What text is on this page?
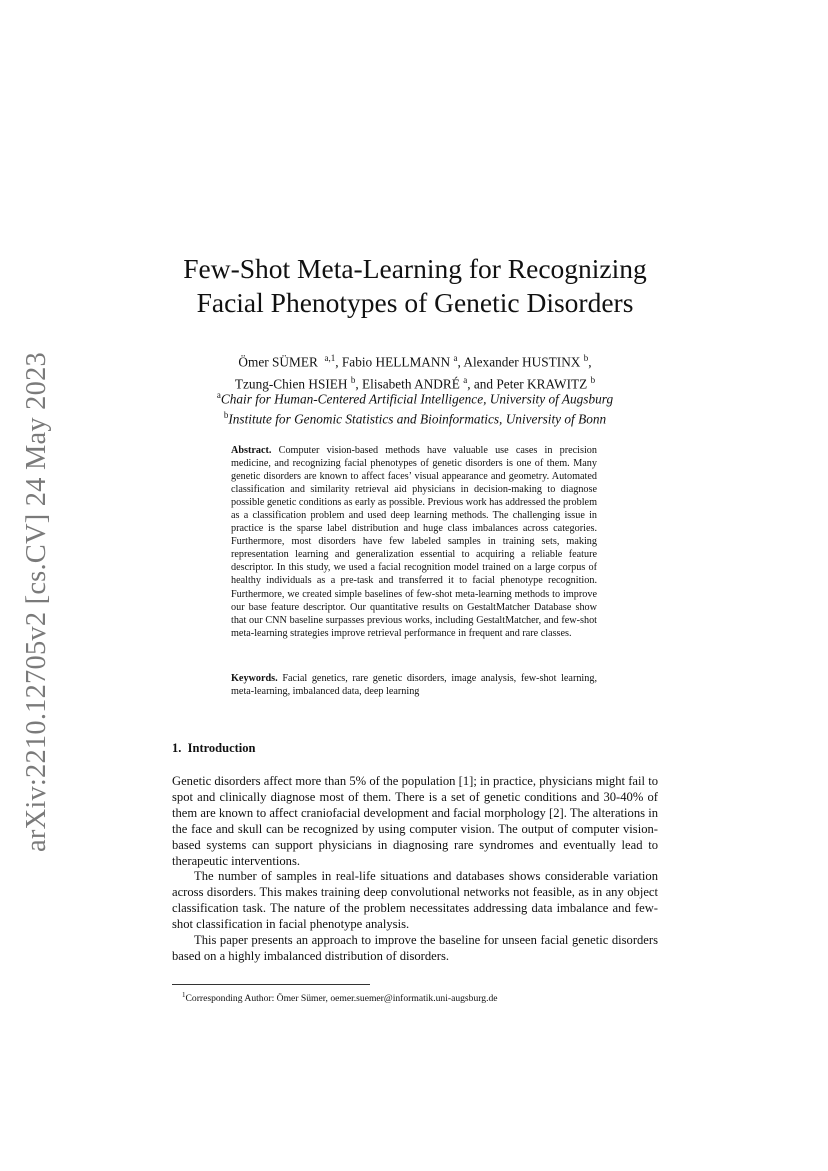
arXiv:2210.12705v2 [cs.CV] 24 May 2023
Few-Shot Meta-Learning for Recognizing
Facial Phenotypes of Genetic Disorders
Ömer SÜMER $^{a,1}$, Fabio HELLMANN $^a$, Alexander HUSTINX $^b$,
Tzung-Chien HSIEH $^b$, Elisabeth ANDRÉ $^a$, and Peter KRAWITZ $^b$
$^a$Chair for Human-Centered Artificial Intelligence, University of Augsburg
$^b$Institute for Genomic Statistics and Bioinformatics, University of Bonn
Abstract. Computer vision-based methods have valuable use cases in precision medicine, and recognizing facial phenotypes of genetic disorders is one of them. Many genetic disorders are known to affect faces’ visual appearance and geometry. Automated classification and similarity retrieval aid physicians in decision-making to diagnose possible genetic conditions as early as possible. Previous work has addressed the problem as a classification problem and used deep learning methods. The challenging issue in practice is the sparse label distribution and huge class imbalances across categories. Furthermore, most disorders have few labeled samples in training sets, making representation learning and generalization essential to acquiring a reliable feature descriptor. In this study, we used a facial recognition model trained on a large corpus of healthy individuals as a pre-task and transferred it to facial phenotype recognition. Furthermore, we created simple baselines of few-shot meta-learning methods to improve our base feature descriptor. Our quantitative results on GestaltMatcher Database show that our CNN baseline surpasses previous works, including GestaltMatcher, and few-shot meta-learning strategies improve retrieval performance in frequent and rare classes.
Keywords. Facial genetics, rare genetic disorders, image analysis, few-shot learning, meta-learning, imbalanced data, deep learning
1. Introduction

Genetic disorders affect more than 5% of the population [1]; in practice, physicians might fail to spot and clinically diagnose most of them. There is a set of genetic conditions and 30-40% of them are known to affect craniofacial development and facial morphology [2]. The alterations in the face and skull can be recognized by using computer vision. The output of computer vision-based systems can support physicians in diagnosing rare syndromes and eventually lead to therapeutic interventions.

The number of samples in real-life situations and databases shows considerable variation across disorders. This makes training deep convolutional networks not feasible, as in any object classification task. The nature of the problem necessitates addressing data imbalance and few-shot classification in facial phenotype analysis.

This paper presents an approach to improve the baseline for unseen facial genetic disorders based on a highly imbalanced distribution of disorders.

$^1$Corresponding Author: Ömer Sümer, oemer.suemer@informatik.uni-augsburg.de
